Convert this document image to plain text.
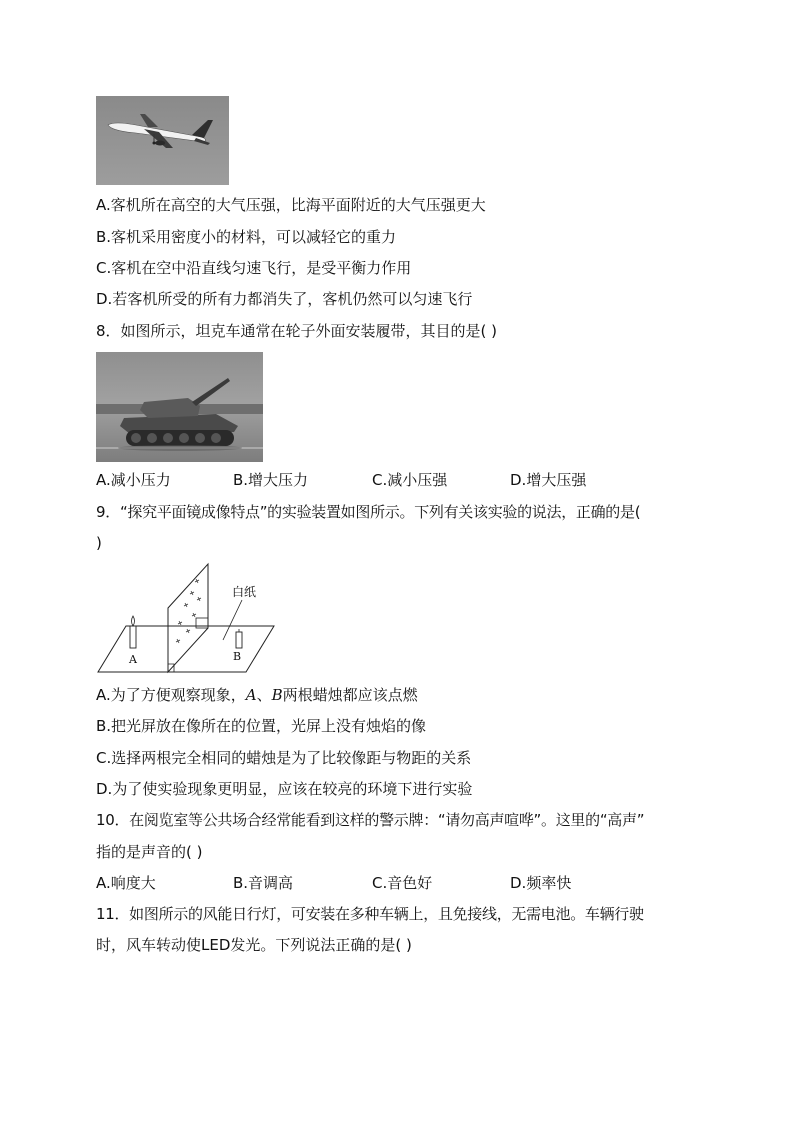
A.客机所在高空的大气压强，比海平面附近的大气压强更大
B.客机采用密度小的材料，可以减轻它的重力
C.客机在空中沿直线匀速飞行，是受平衡力作用
D.若客机所受的所有力都消失了，客机仍然可以匀速飞行
8．如图所示，坦克车通常在轮子外面安装履带，其目的是( )
A.减小压力	B.增大压力	C.减小压强	D.增大压强
9．“探究平面镜成像特点”的实验装置如图所示。下列有关该实验的说法，正确的是(
)
白纸
A	B
A.为了方便观察现象，A、B两根蜡烛都应该点燃
B.把光屏放在像所在的位置，光屏上没有烛焰的像
C.选择两根完全相同的蜡烛是为了比较像距与物距的关系
D.为了使实验现象更明显，应该在较亮的环境下进行实验
10．在阅览室等公共场合经常能看到这样的警示牌：“请勿高声喧哗”。这里的“高声”
指的是声音的( )
A.响度大	B.音调高	C.音色好	D.频率快
11．如图所示的风能日行灯，可安装在多种车辆上，且免接线，无需电池。车辆行驶
时，风车转动使LED发光。下列说法正确的是( )
